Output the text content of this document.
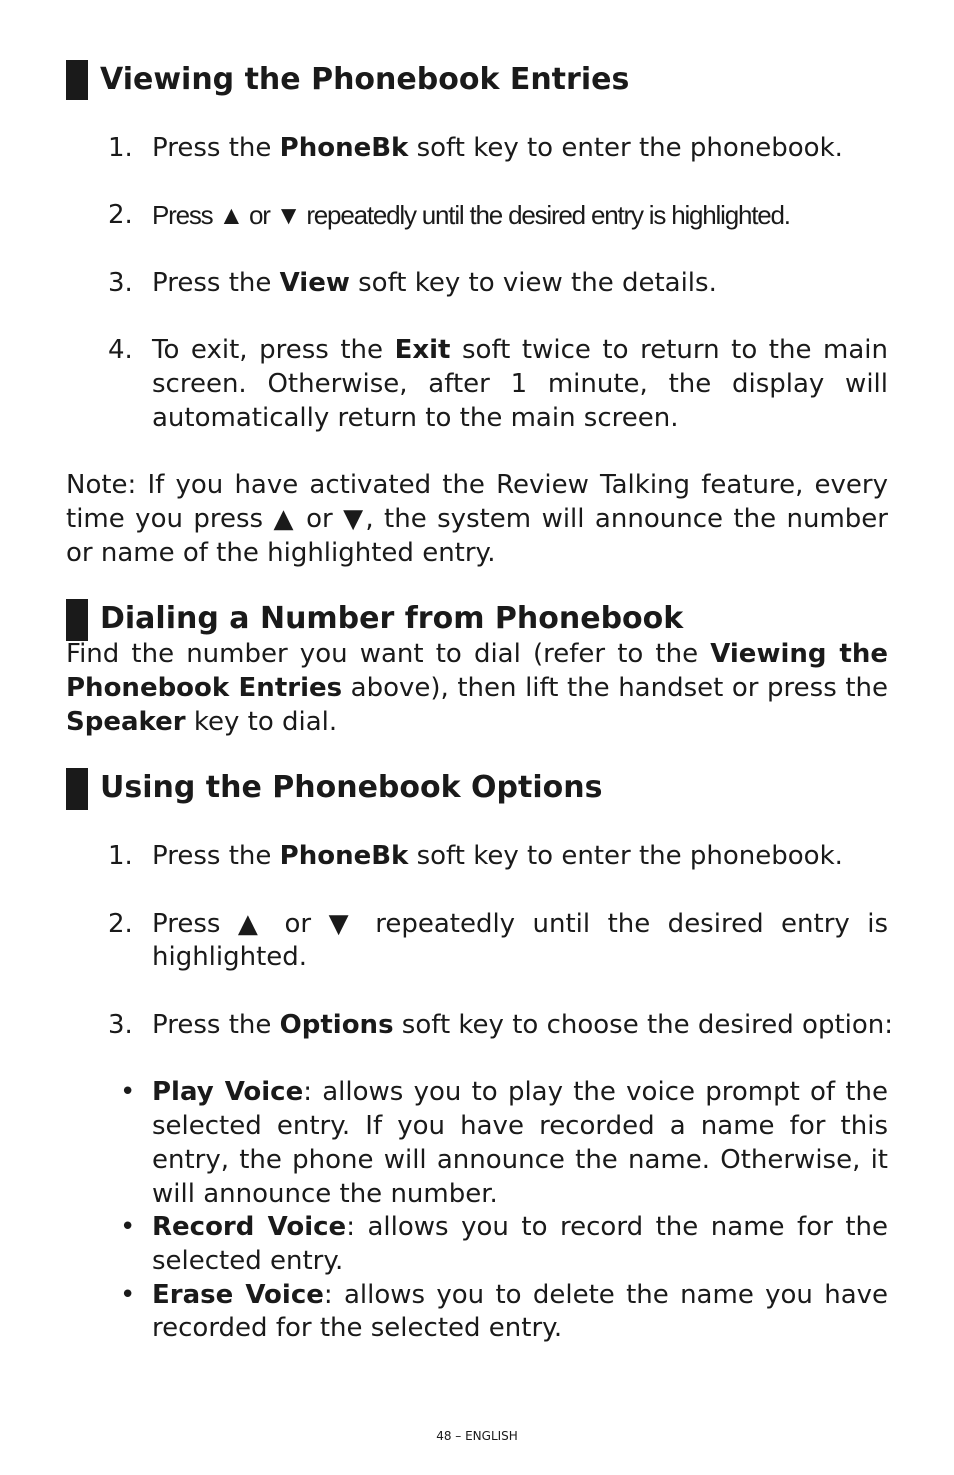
Viewing the Phonebook Entries

1. Press the PhoneBk soft key to enter the phonebook.

2. Press ▲ or ▼ repeatedly until the desired entry is highlighted.

3. Press the View soft key to view the details.

4. To exit, press the Exit soft twice to return to the main

screen. Otherwise, after 1 minute, the display will

automatically return to the main screen.

Note: If you have activated the Review Talking feature, every
time you press ▲ or ▼, the system will announce the number
or name of the highlighted entry.
Dialing a Number from Phonebook
Find the number you want to dial (refer to the Viewing the
Phonebook Entries above), then lift the handset or press the
Speaker key to dial.
Using the Phonebook Options

1. Press the PhoneBk soft key to enter the phonebook.

2. Press ▲ or ▼ repeatedly until the desired entry is

highlighted.

3. Press the Options soft key to choose the desired option:

• Play Voice: allows you to play the voice prompt of the

selected entry. If you have recorded a name for this

entry, the phone will announce the name. Otherwise, it

will announce the number.

• Record Voice: allows you to record the name for the

selected entry.

• Erase Voice: allows you to delete the name you have

recorded for the selected entry.

48 – ENGLISH
